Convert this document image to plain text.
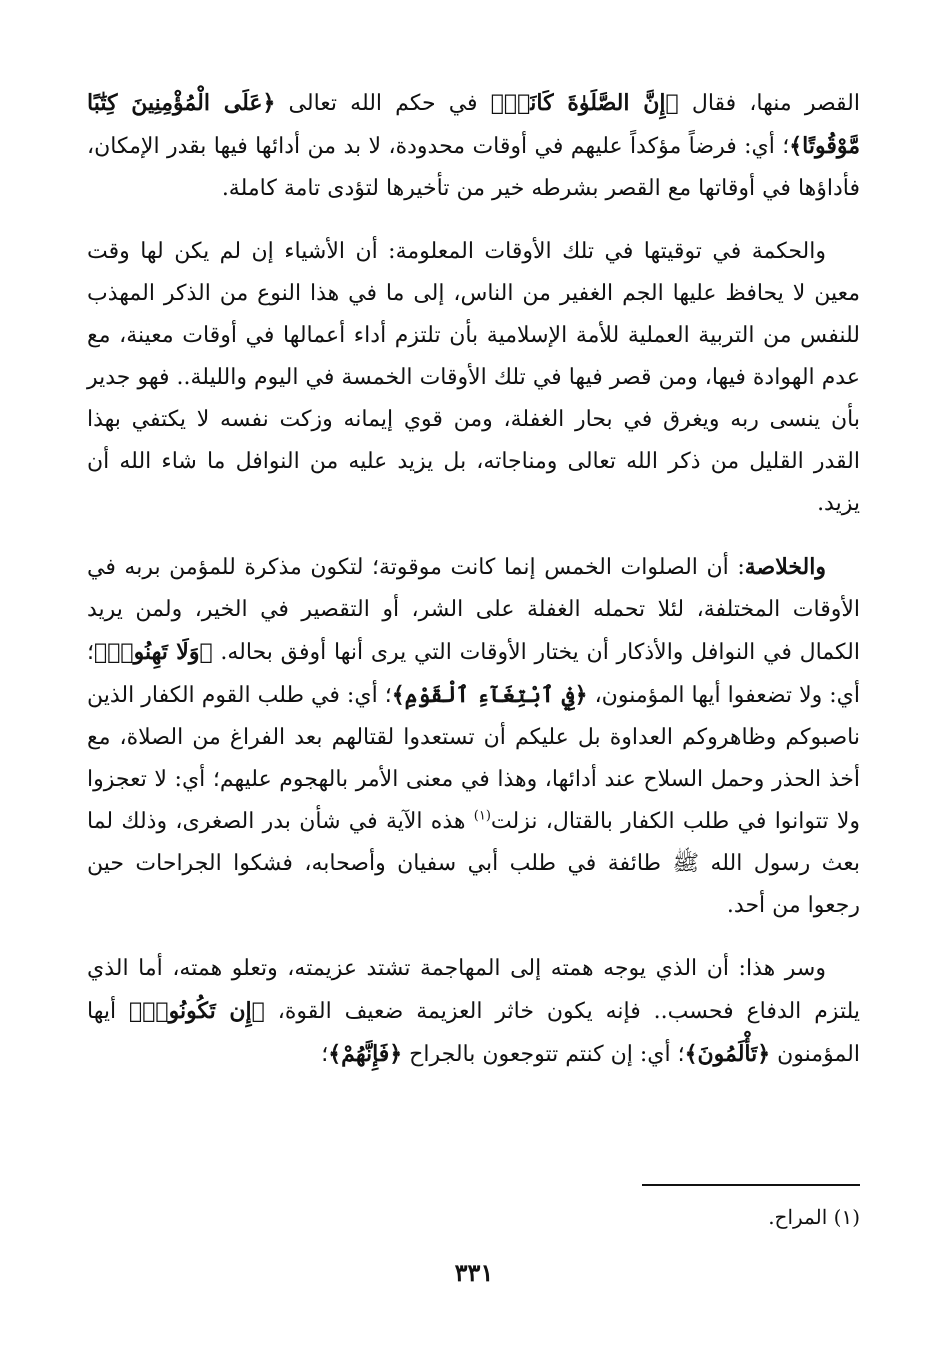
القصر منها، فقال ﴿إِنَّ الصَّلَوٰةَ كَانَتۡ﴾ في حكم الله تعالى ﴿عَلَى الْمُؤْمِنِينَ كِتَٰبًا مَّوْقُوتًا﴾؛ أي: فرضاً مؤكداً عليهم في أوقات محدودة، لا بد من أدائها فيها بقدر الإمكان، فأداؤها في أوقاتها مع القصر بشرطه خير من تأخيرها لتؤدى تامة كاملة.

والحكمة في توقيتها في تلك الأوقات المعلومة: أن الأشياء إن لم يكن لها وقت معين لا يحافظ عليها الجم الغفير من الناس، إلى ما في هذا النوع من الذكر المهذب للنفس من التربية العملية للأمة الإسلامية بأن تلتزم أداء أعمالها في أوقات معينة، مع عدم الهوادة فيها، ومن قصر فيها في تلك الأوقات الخمسة في اليوم والليلة.. فهو جدير بأن ينسى ربه ويغرق في بحار الغفلة، ومن قوي إيمانه وزكت نفسه لا يكتفي بهذا القدر القليل من ذكر الله تعالى ومناجاته، بل يزيد عليه من النوافل ما شاء الله أن يزيد.

والخلاصة: أن الصلوات الخمس إنما كانت موقوتة؛ لتكون مذكرة للمؤمن بربه في الأوقات المختلفة، لئلا تحمله الغفلة على الشر، أو التقصير في الخير، ولمن يريد الكمال في النوافل والأذكار أن يختار الأوقات التي يرى أنها أوفق بحاله. ﴿وَلَا تَهِنُوا۟﴾؛ أي: ولا تضعفوا أيها المؤمنون، ﴿فِي ٱبْتِغَآءِ ٱلْقَوْمِ﴾؛ أي: في طلب القوم الكفار الذين ناصبوكم وظاهروكم العداوة بل عليكم أن تستعدوا لقتالهم بعد الفراغ من الصلاة، مع أخذ الحذر وحمل السلاح عند أدائها، وهذا في معنى الأمر بالهجوم عليهم؛ أي: لا تعجزوا ولا تتوانوا في طلب الكفار بالقتال، نزلت$^{(١)}$ هذه الآية في شأن بدر الصغرى، وذلك لما بعث رسول الله ﷺ طائفة في طلب أبي سفيان وأصحابه، فشكوا الجراحات حين رجعوا من أحد.

وسر هذا: أن الذي يوجه همته إلى المهاجمة تشتد عزيمته، وتعلو همته، أما الذي يلتزم الدفاع فحسب.. فإنه يكون خاثر العزيمة ضعيف القوة، ﴿إِن تَكُونُوا۟﴾ أيها المؤمنون ﴿تَأْلَمُونَ﴾؛ أي: إن كنتم تتوجعون بالجراح ﴿فَإِنَّهُمْ﴾؛

(١) المراح.
٣٣١
